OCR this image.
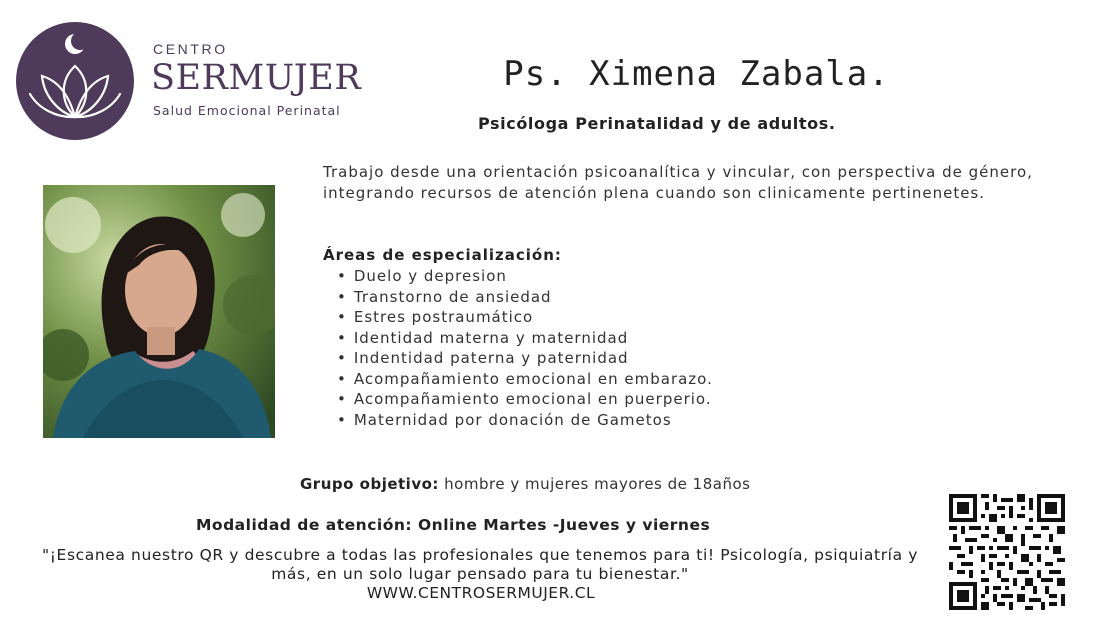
CENTRO
SERMUJER
Salud Emocional Perinatal
Ps. Ximena Zabala.
Psicóloga Perinatalidad y de adultos.

Trabajo desde una orientación psicoanalítica y vincular, con perspectiva de género, integrando recursos de atención plena cuando son clinicamente pertinenetes.

Áreas de especialización:
• Duelo y depresion
• Transtorno de ansiedad
• Estres postraumático
• Identidad materna y maternidad
• Indentidad paterna y paternidad
• Acompañamiento emocional en embarazo.
• Acompañamiento emocional en puerperio.
• Maternidad por donación de Gametos
Grupo objetivo: hombre y mujeres mayores de 18años
Modalidad de atención: Online Martes -Jueves y viernes

"¡Escanea nuestro QR y descubre a todas las profesionales que tenemos para ti! Psicología, psiquiatría y más, en un solo lugar pensado para tu bienestar."

WWW.CENTROSERMUJER.CL
